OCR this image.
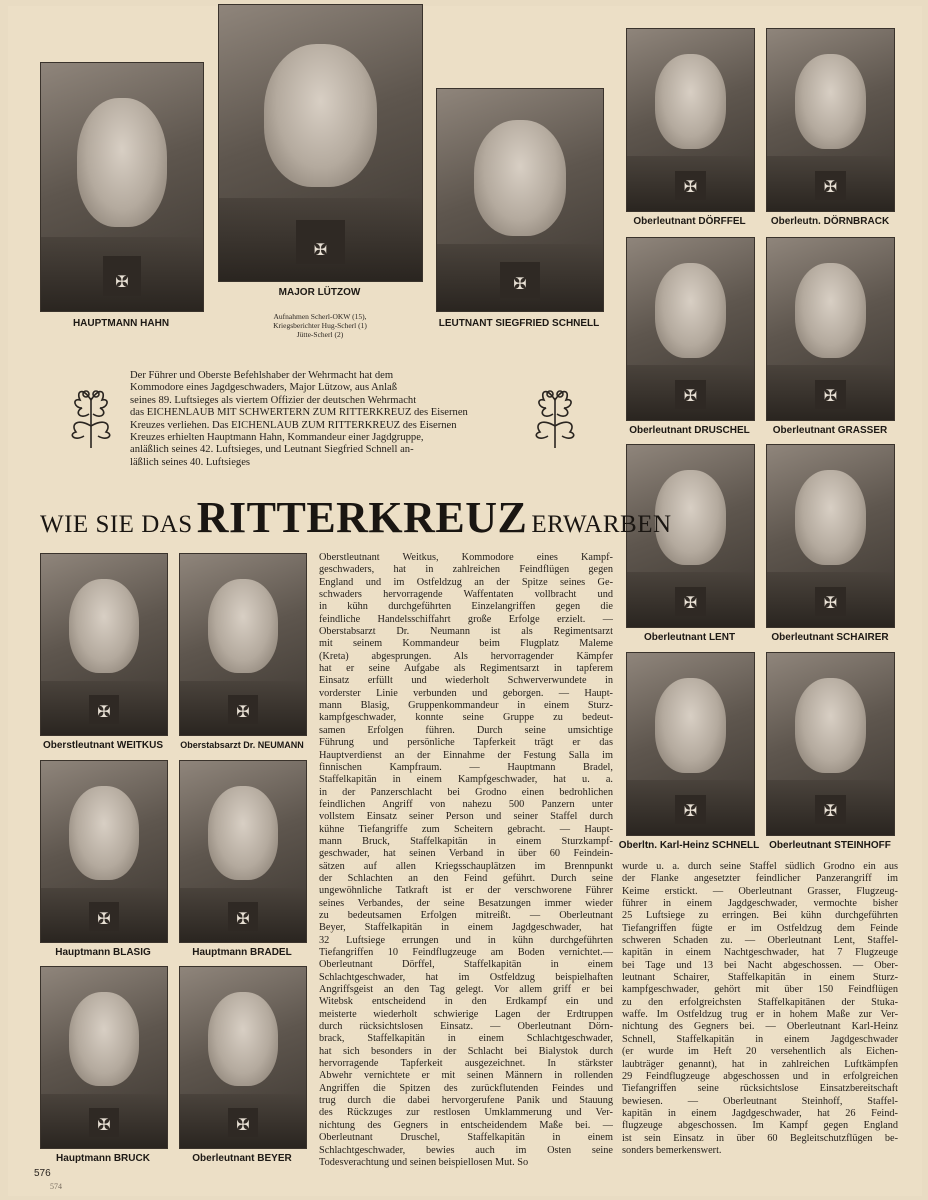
✠
HAUPTMANN HAHN
✠
MAJOR LÜTZOW
Aufnahmen Scherl-OKW (15),
Kriegsberichter Hug-Scherl (1)
Jütte-Scherl (2)
✠
LEUTNANT SIEGFRIED SCHNELL
✠
Oberleutnant DÖRFFEL
✠
Oberleutn. DÖRNBRACK
✠
Oberleutnant DRUSCHEL
✠
Oberleutnant GRASSER
✠
Oberleutnant LENT
✠
Oberleutnant SCHAIRER
✠
Oberltn. Karl-Heinz SCHNELL
✠
Oberleutnant STEINHOFF
Der Führer und Oberste Befehlshaber der Wehrmacht hat dem
Kommodore eines Jagdgeschwaders, Major Lützow, aus Anlaß
seines 89. Luftsieges als viertem Offizier der deutschen Wehrmacht
das EICHENLAUB MIT SCHWERTERN ZUM RITTERKREUZ des Eisernen
Kreuzes verliehen. Das EICHENLAUB ZUM RITTERKREUZ des Eisernen
Kreuzes erhielten Hauptmann Hahn, Kommandeur einer Jagdgruppe,
anläßlich seines 42. Luftsieges, und Leutnant Siegfried Schnell an-
läßlich seines 40. Luftsieges
WIE SIE DAS RITTERKREUZ ERWARBEN
✠
Oberstleutnant WEITKUS
✠
Oberstabsarzt Dr. NEUMANN
✠
Hauptmann BLASIG
✠
Hauptmann BRADEL
✠
Hauptmann BRUCK
✠
Oberleutnant BEYER
Oberstleutnant Weitkus, Kommodore eines Kampf-
geschwaders, hat in zahlreichen Feindflügen gegen
England und im Ostfeldzug an der Spitze seines Ge-
schwaders hervorragende Waffentaten vollbracht und
in kühn durchgeführten Einzelangriffen gegen die
feindliche Handelsschiffahrt große Erfolge erzielt. —
Oberstabsarzt Dr. Neumann ist als Regimentsarzt
mit seinem Kommandeur beim Flugplatz Maleme
(Kreta) abgesprungen. Als hervorragender Kämpfer
hat er seine Aufgabe als Regimentsarzt in tapferem
Einsatz erfüllt und wiederholt Schwerverwundete in
vorderster Linie verbunden und geborgen. — Haupt-
mann Blasig, Gruppenkommandeur in einem Sturz-
kampfgeschwader, konnte seine Gruppe zu bedeut-
samen Erfolgen führen. Durch seine umsichtige
Führung und persönliche Tapferkeit trägt er das
Hauptverdienst an der Einnahme der Festung Salla im
finnischen Kampfraum. — Hauptmann Bradel,
Staffelkapitän in einem Kampfgeschwader, hat u. a.
in der Panzerschlacht bei Grodno einen bedrohlichen
feindlichen Angriff von nahezu 500 Panzern unter
vollstem Einsatz seiner Person und seiner Staffel durch
kühne Tiefangriffe zum Scheitern gebracht. — Haupt-
mann Bruck, Staffelkapitän in einem Sturzkampf-
geschwader, hat seinen Verband in über 60 Feindein-
sätzen auf allen Kriegsschauplätzen im Brennpunkt
der Schlachten an den Feind geführt. Durch seine
ungewöhnliche Tatkraft ist er der verschworene Führer
seines Verbandes, der seine Besatzungen immer wieder
zu bedeutsamen Erfolgen mitreißt. — Oberleutnant
Beyer, Staffelkapitän in einem Jagdgeschwader, hat
32 Luftsiege errungen und in kühn durchgeführten
Tiefangriffen 10 Feindflugzeuge am Boden vernichtet.—
Oberleutnant Dörffel, Staffelkapitän in einem
Schlachtgeschwader, hat im Ostfeldzug beispielhaften
Angriffsgeist an den Tag gelegt. Vor allem griff er bei
Witebsk entscheidend in den Erdkampf ein und
meisterte wiederholt schwierige Lagen der Erdtruppen
durch rücksichtslosen Einsatz. — Oberleutnant Dörn-
brack, Staffelkapitän in einem Schlachtgeschwader,
hat sich besonders in der Schlacht bei Bialystok durch
hervorragende Tapferkeit ausgezeichnet. In stärkster
Abwehr vernichtete er mit seinen Männern in rollenden
Angriffen die Spitzen des zurückflutenden Feindes und
trug durch die dabei hervorgerufene Panik und Stauung
des Rückzuges zur restlosen Umklammerung und Ver-
nichtung des Gegners in entscheidendem Maße bei. —
Oberleutnant Druschel, Staffelkapitän in einem
Schlachtgeschwader, bewies auch im Osten seine
Todesverachtung und seinen beispiellosen Mut. So
wurde u. a. durch seine Staffel südlich Grodno ein aus
der Flanke angesetzter feindlicher Panzerangriff im
Keime erstickt. — Oberleutnant Grasser, Flugzeug-
führer in einem Jagdgeschwader, vermochte bisher
25 Luftsiege zu erringen. Bei kühn durchgeführten
Tiefangriffen fügte er im Ostfeldzug dem Feinde
schweren Schaden zu. — Oberleutnant Lent, Staffel-
kapitän in einem Nachtgeschwader, hat 7 Flugzeuge
bei Tage und 13 bei Nacht abgeschossen. — Ober-
leutnant Schairer, Staffelkapitän in einem Sturz-
kampfgeschwader, gehört mit über 150 Feindflügen
zu den erfolgreichsten Staffelkapitänen der Stuka-
waffe. Im Ostfeldzug trug er in hohem Maße zur Ver-
nichtung des Gegners bei. — Oberleutnant Karl-Heinz
Schnell, Staffelkapitän in einem Jagdgeschwader
(er wurde im Heft 20 versehentlich als Eichen-
laubträger genannt), hat in zahlreichen Luftkämpfen
29 Feindflugzeuge abgeschossen und in erfolgreichen
Tiefangriffen seine rücksichtslose Einsatzbereitschaft
bewiesen. — Oberleutnant Steinhoff, Staffel-
kapitän in einem Jagdgeschwader, hat 26 Feind-
flugzeuge abgeschossen. Im Kampf gegen England
ist sein Einsatz in über 60 Begleitschutzflügen be-
sonders bemerkenswert.
576
574
